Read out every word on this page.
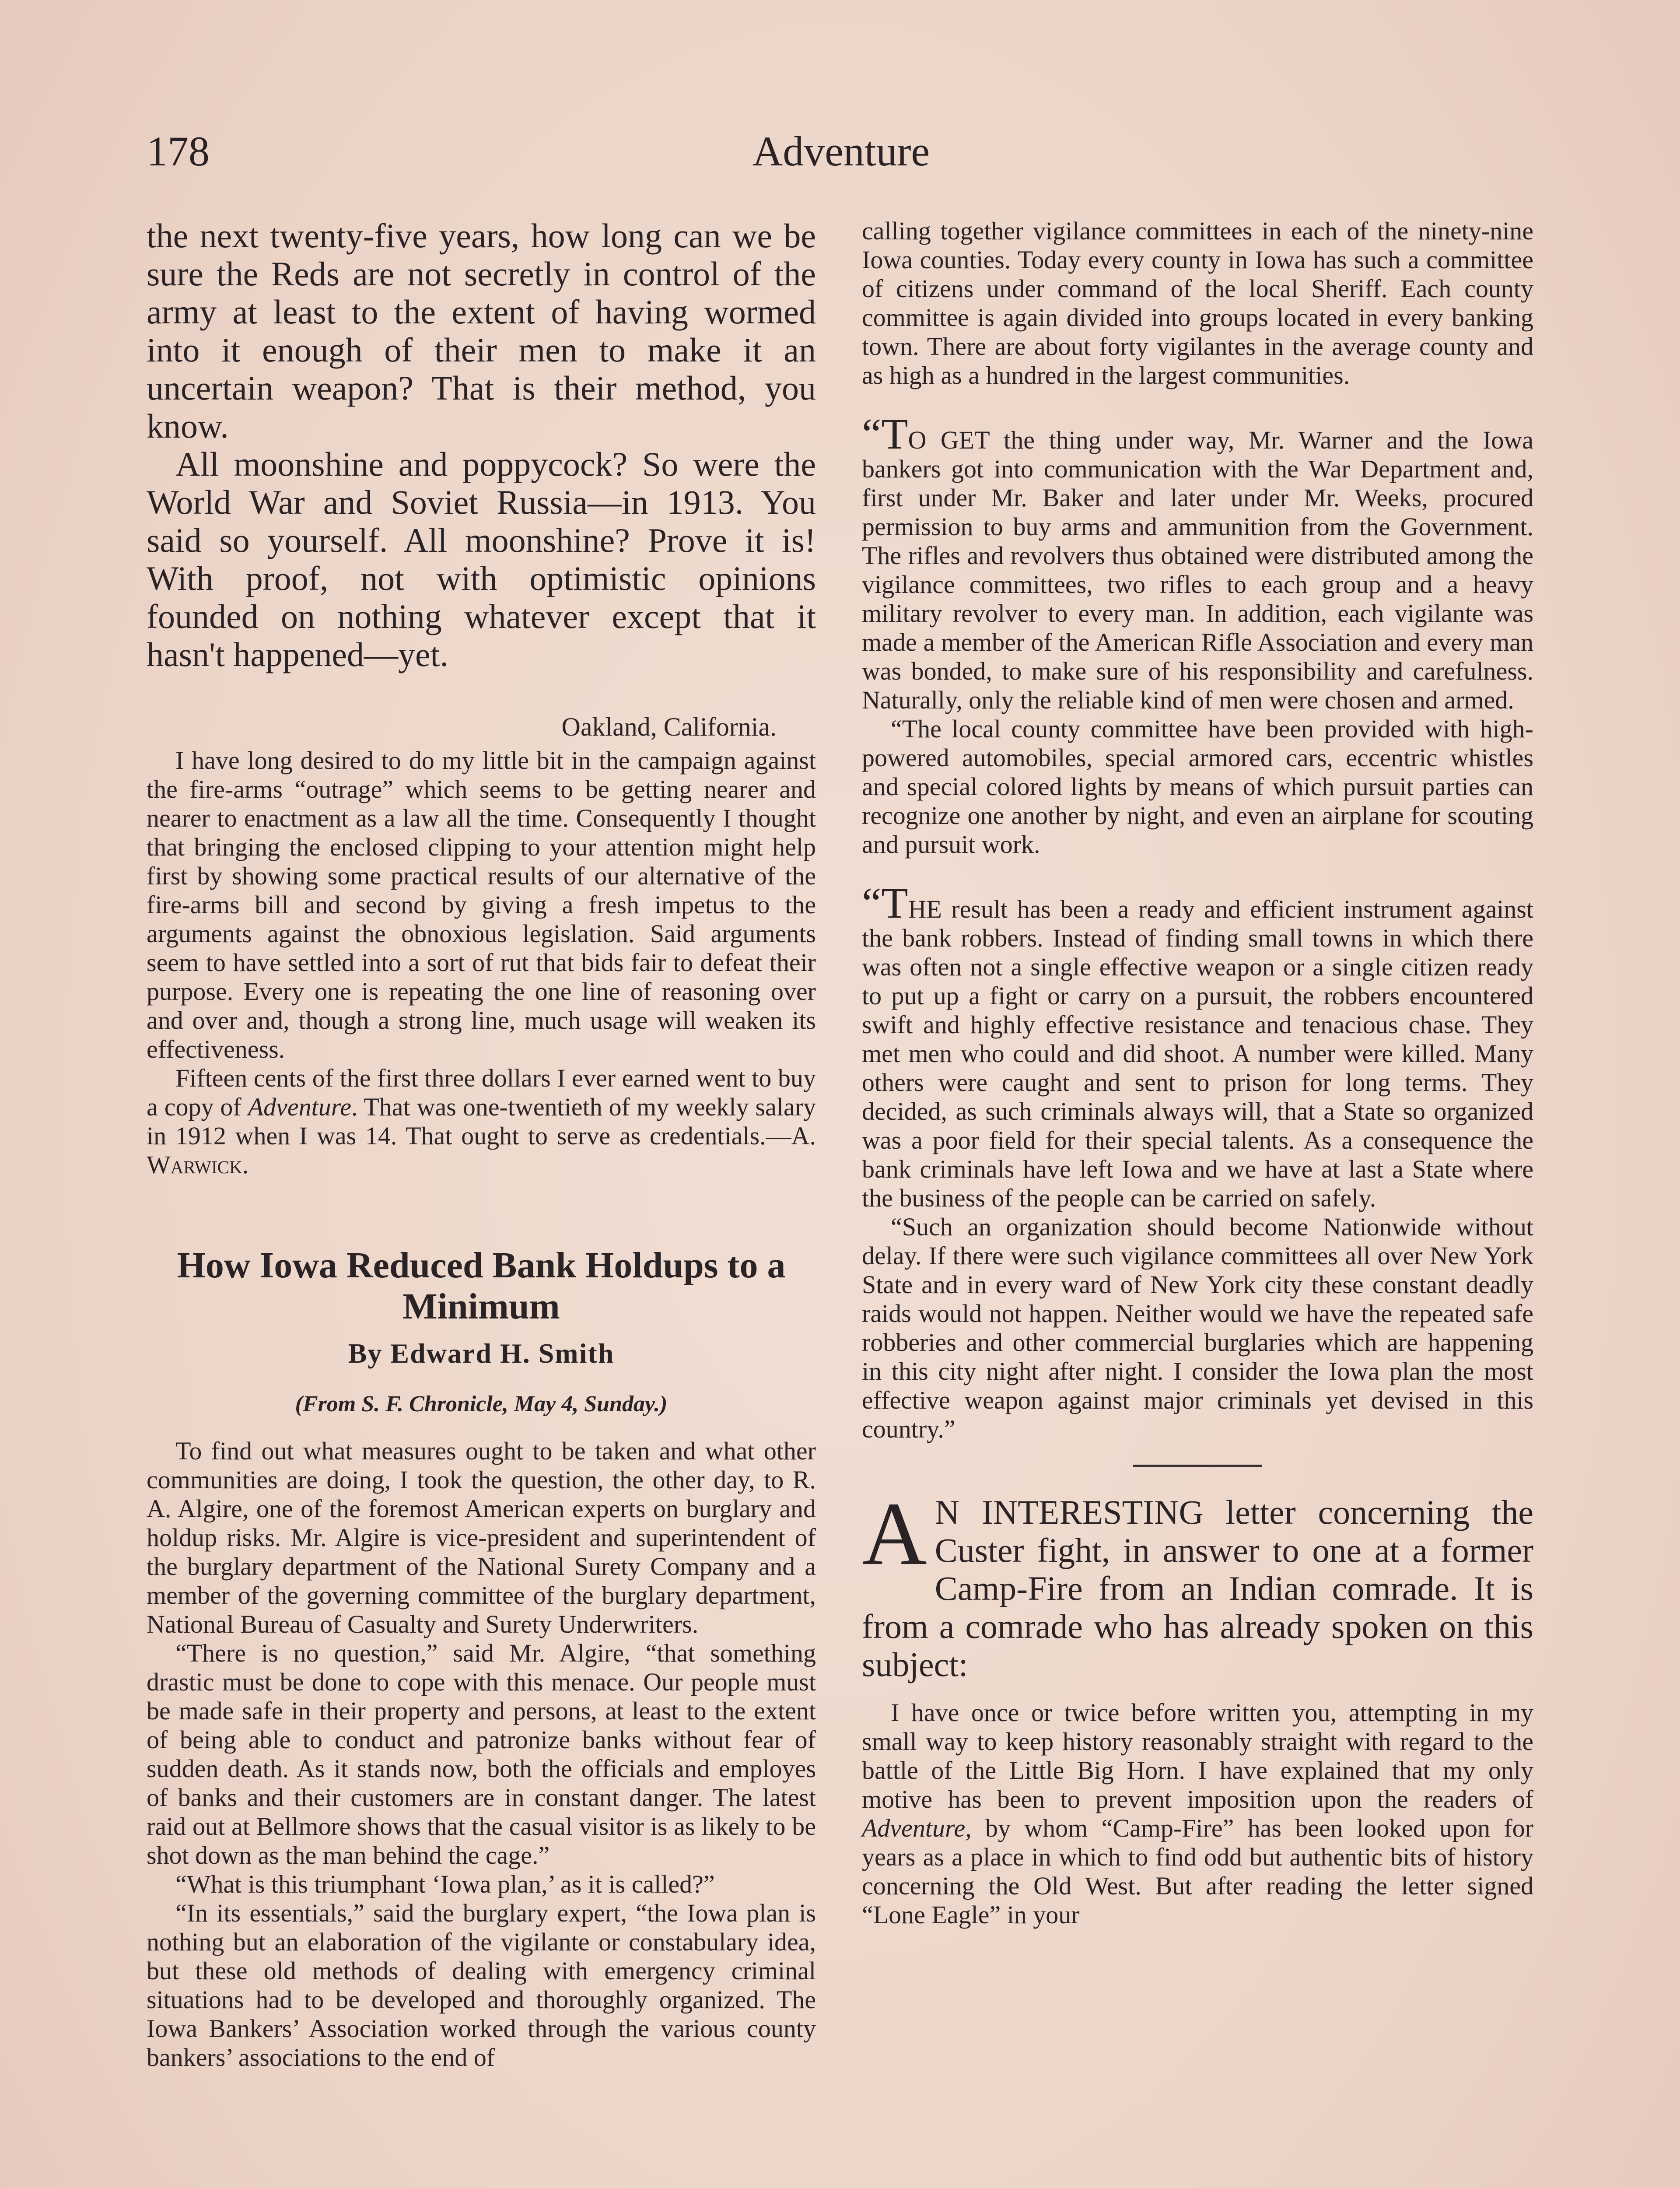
178	Adventure

the next twenty-five years, how long can we be sure the Reds are not secretly in control of the army at least to the extent of having wormed into it enough of their men to make it an uncertain weapon? That is their method, you know.

All moonshine and poppycock? So were the World War and Soviet Russia—in 1913. You said so yourself. All moonshine? Prove it is! With proof, not with optimistic opinions founded on nothing whatever except that it hasn't happened—yet.

Oakland, California.

I have long desired to do my little bit in the campaign against the fire-arms “outrage” which seems to be getting nearer and nearer to enactment as a law all the time. Consequently I thought that bringing the enclosed clipping to your attention might help first by showing some practical results of our alternative of the fire-arms bill and second by giving a fresh impetus to the arguments against the obnoxious legislation. Said arguments seem to have settled into a sort of rut that bids fair to defeat their purpose. Every one is repeating the one line of reasoning over and over and, though a strong line, much usage will weaken its effectiveness.

Fifteen cents of the first three dollars I ever earned went to buy a copy of Adventure. That was one-twentieth of my weekly salary in 1912 when I was 14. That ought to serve as credentials.—A. Warwick.

How Iowa Reduced Bank Holdups to a Minimum
By Edward H. Smith
(From S. F. Chronicle, May 4, Sunday.)

To find out what measures ought to be taken and what other communities are doing, I took the question, the other day, to R. A. Algire, one of the foremost American experts on burglary and holdup risks. Mr. Algire is vice-president and superintendent of the burglary department of the National Surety Company and a member of the governing committee of the burglary department, National Bureau of Casualty and Surety Underwriters.

“There is no question,” said Mr. Algire, “that something drastic must be done to cope with this menace. Our people must be made safe in their property and persons, at least to the extent of being able to conduct and patronize banks without fear of sudden death. As it stands now, both the officials and employes of banks and their customers are in constant danger. The latest raid out at Bellmore shows that the casual visitor is as likely to be shot down as the man behind the cage.”

“What is this triumphant ‘Iowa plan,’ as it is called?”

“In its essentials,” said the burglary expert, “the Iowa plan is nothing but an elaboration of the vigilante or constabulary idea, but these old methods of dealing with emergency criminal situations had to be developed and thoroughly organized. The Iowa Bankers’ Association worked through the various county bankers’ associations to the end of

calling together vigilance committees in each of the ninety-nine Iowa counties. Today every county in Iowa has such a committee of citizens under command of the local Sheriff. Each county committee is again divided into groups located in every banking town. There are about forty vigilantes in the average county and as high as a hundred in the largest communities.

“TO GET the thing under way, Mr. Warner and the Iowa bankers got into communication with the War Department and, first under Mr. Baker and later under Mr. Weeks, procured permission to buy arms and ammunition from the Government. The rifles and revolvers thus obtained were distributed among the vigilance committees, two rifles to each group and a heavy military revolver to every man. In addition, each vigilante was made a member of the American Rifle Association and every man was bonded, to make sure of his responsibility and carefulness. Naturally, only the reliable kind of men were chosen and armed.

“The local county committee have been provided with high-powered automobiles, special armored cars, eccentric whistles and special colored lights by means of which pursuit parties can recognize one another by night, and even an airplane for scouting and pursuit work.

“THE result has been a ready and efficient instrument against the bank robbers. Instead of finding small towns in which there was often not a single effective weapon or a single citizen ready to put up a fight or carry on a pursuit, the robbers encountered swift and highly effective resistance and tenacious chase. They met men who could and did shoot. A number were killed. Many others were caught and sent to prison for long terms. They decided, as such criminals always will, that a State so organized was a poor field for their special talents. As a consequence the bank criminals have left Iowa and we have at last a State where the business of the people can be carried on safely.

“Such an organization should become Nationwide without delay. If there were such vigilance committees all over New York State and in every ward of New York city these constant deadly raids would not happen. Neither would we have the repeated safe robberies and other commercial burglaries which are happening in this city night after night. I consider the Iowa plan the most effective weapon against major criminals yet devised in this country.”

A N INTERESTING letter concerning the Custer fight, in answer to one at a former Camp-Fire from an Indian comrade. It is from a comrade who has already spoken on this subject:

I have once or twice before written you, attempting in my small way to keep history reasonably straight with regard to the battle of the Little Big Horn. I have explained that my only motive has been to prevent imposition upon the readers of Adventure, by whom “Camp-Fire” has been looked upon for years as a place in which to find odd but authentic bits of history concerning the Old West. But after reading the letter signed “Lone Eagle” in your
